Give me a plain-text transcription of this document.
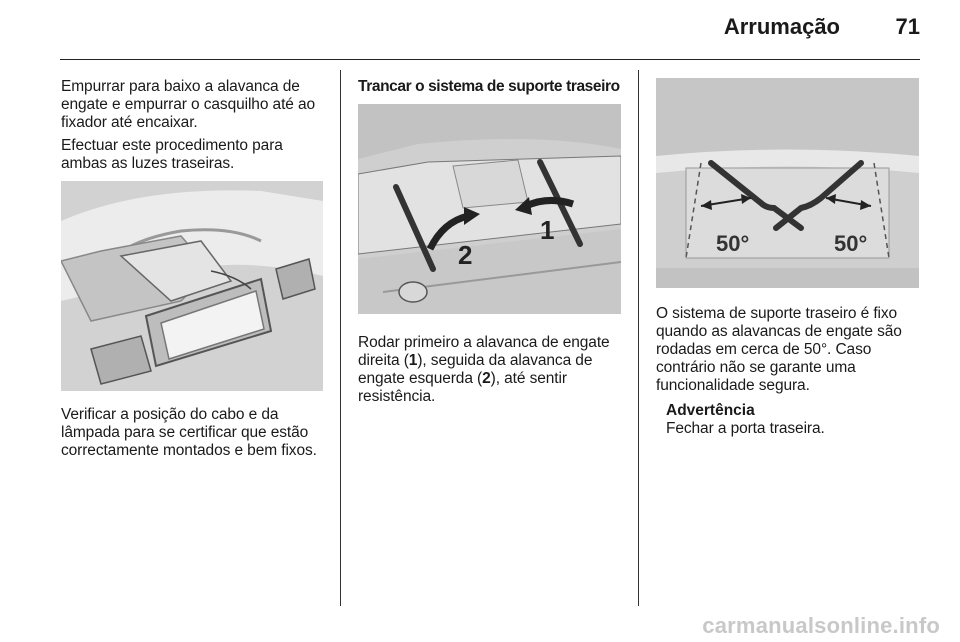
Arrumação	71

Empurrar para baixo a alavanca de engate e empurrar o casquilho até ao fixador até encaixar.

Efectuar este procedimento para ambas as luzes traseiras.

Verificar a posição do cabo e da lâmpada para se certificar que estão correctamente montados e bem fixos.

Trancar o sistema de suporte traseiro

2
1

Rodar primeiro a alavanca de engate direita (1), seguida da alavanca de engate esquerda (2), até sentir resistência.

50°	50°

O sistema de suporte traseiro é fixo quando as alavancas de engate são rodadas em cerca de 50°. Caso contrário não se garante uma funcionalidade segura.

Advertência

Fechar a porta traseira.

carmanualsonline.info
